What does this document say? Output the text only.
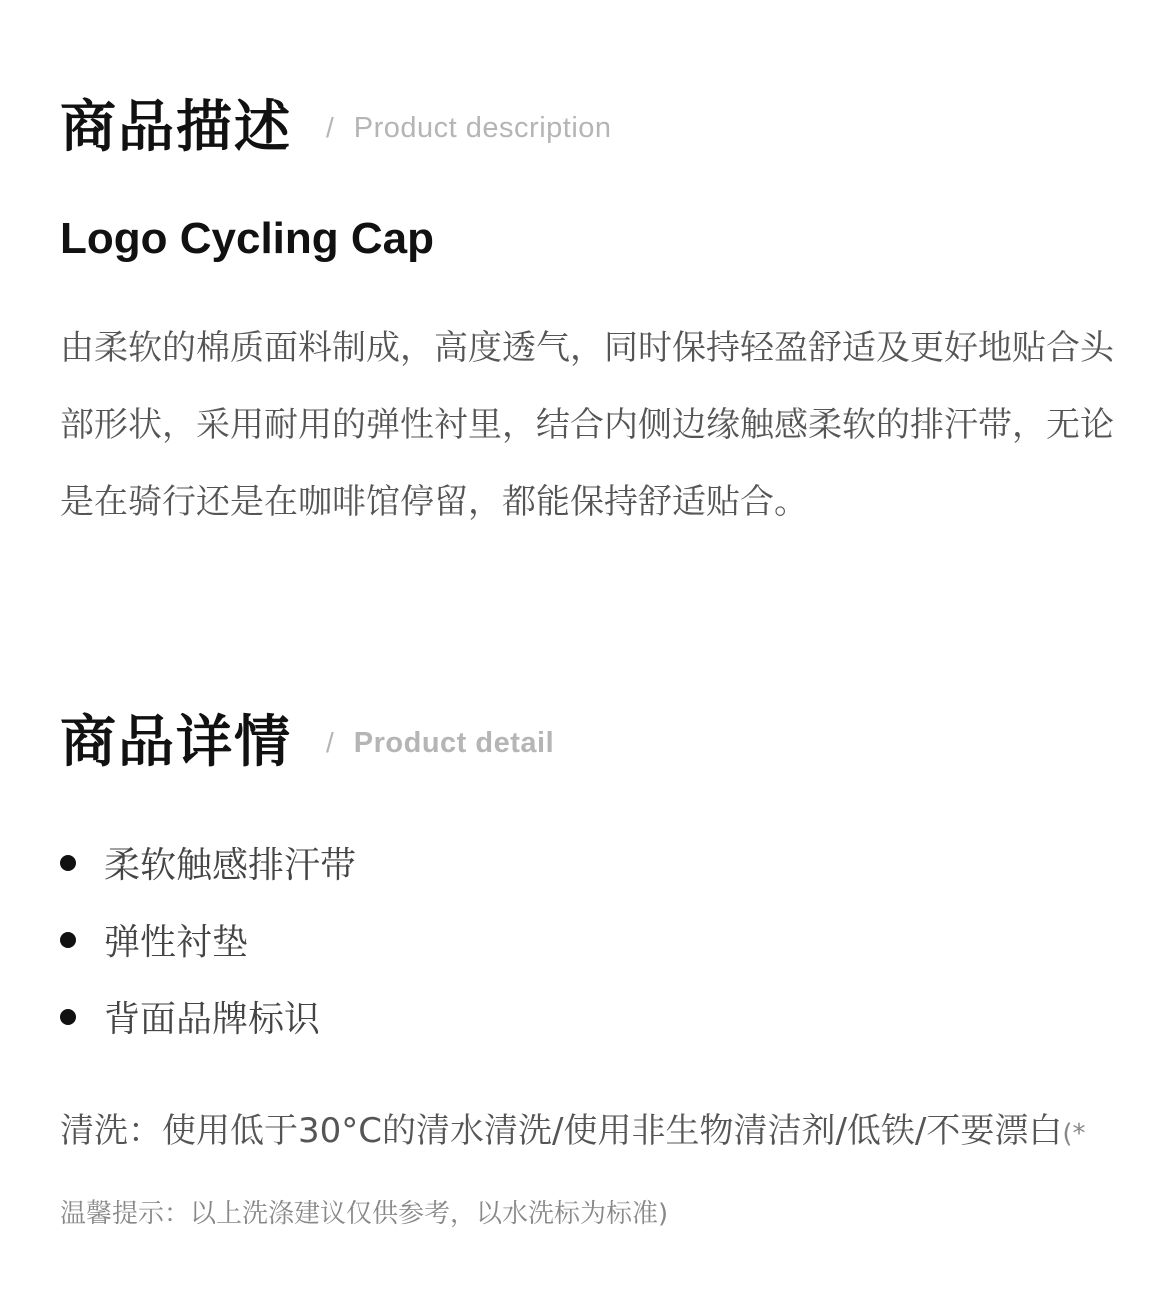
商品描述 / Product description
Logo Cycling Cap

由柔软的棉质面料制成，高度透气，同时保持轻盈舒适及更好地贴合头部形状，采用耐用的弹性衬里，结合内侧边缘触感柔软的排汗带，无论是在骑行还是在咖啡馆停留，都能保持舒适贴合。

商品详情 / Product detail
柔软触感排汗带
弹性衬垫
背面品牌标识

清洗：使用低于30°C的清水清洗/使用非生物清洁剂/低铁/不要漂白(*温馨提示：以上洗涤建议仅供参考，以水洗标为标准)
